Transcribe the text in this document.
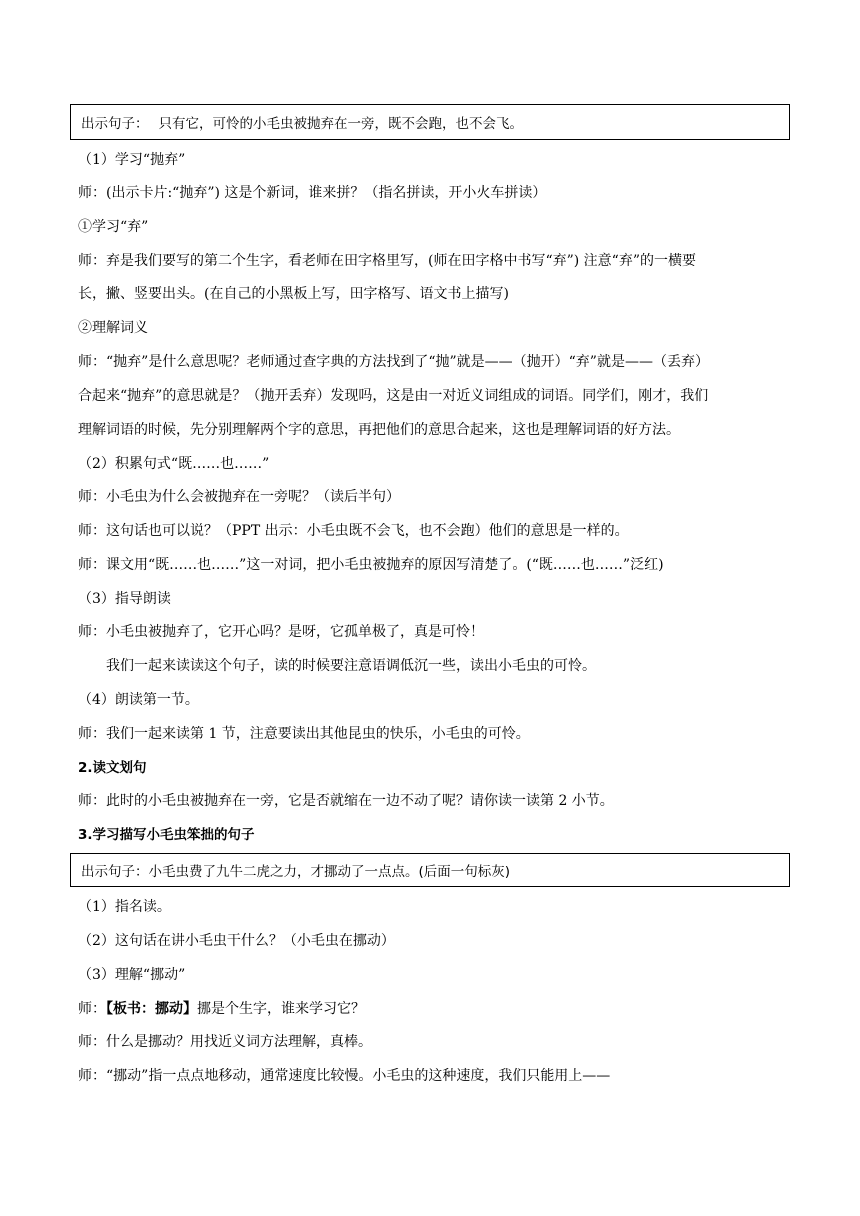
出示句子： 只有它，可怜的小毛虫被抛弃在一旁，既不会跑，也不会飞。
（1）学习“抛弃”
师：(出示卡片:“抛弃”) 这是个新词，谁来拼？（指名拼读，开小火车拼读）
①学习“弃”
师：弃是我们要写的第二个生字，看老师在田字格里写，(师在田字格中书写“弃”) 注意“弃”的一横要
长，撇、竖要出头。(在自己的小黑板上写，田字格写、语文书上描写)
②理解词义
师：“抛弃”是什么意思呢？老师通过查字典的方法找到了“抛”就是——（抛开）“弃”就是——（丢弃）
合起来“抛弃”的意思就是？（抛开丢弃）发现吗，这是由一对近义词组成的词语。同学们，刚才，我们
理解词语的时候，先分别理解两个字的意思，再把他们的意思合起来，这也是理解词语的好方法。
（2）积累句式“既……也……”
师：小毛虫为什么会被抛弃在一旁呢？（读后半句）
师：这句话也可以说？（PPT 出示：小毛虫既不会飞，也不会跑）他们的意思是一样的。
师：课文用“既……也……”这一对词，把小毛虫被抛弃的原因写清楚了。(“既……也……”泛红)
（3）指导朗读
师：小毛虫被抛弃了，它开心吗？是呀，它孤单极了，真是可怜！
我们一起来读读这个句子，读的时候要注意语调低沉一些，读出小毛虫的可怜。
（4）朗读第一节。
师：我们一起来读第 1 节，注意要读出其他昆虫的快乐，小毛虫的可怜。
2.读文划句
师：此时的小毛虫被抛弃在一旁，它是否就缩在一边不动了呢？请你读一读第 2 小节。
3.学习描写小毛虫笨拙的句子
出示句子： 小毛虫费了九牛二虎之力，才挪动了一点点。(后面一句标灰)
（1）指名读。
（2）这句话在讲小毛虫干什么？（小毛虫在挪动）
（3）理解“挪动”
师：【板书：挪动】挪是个生字，谁来学习它？
师：什么是挪动？用找近义词方法理解，真棒。
师：“挪动”指一点点地移动，通常速度比较慢。小毛虫的这种速度，我们只能用上——
